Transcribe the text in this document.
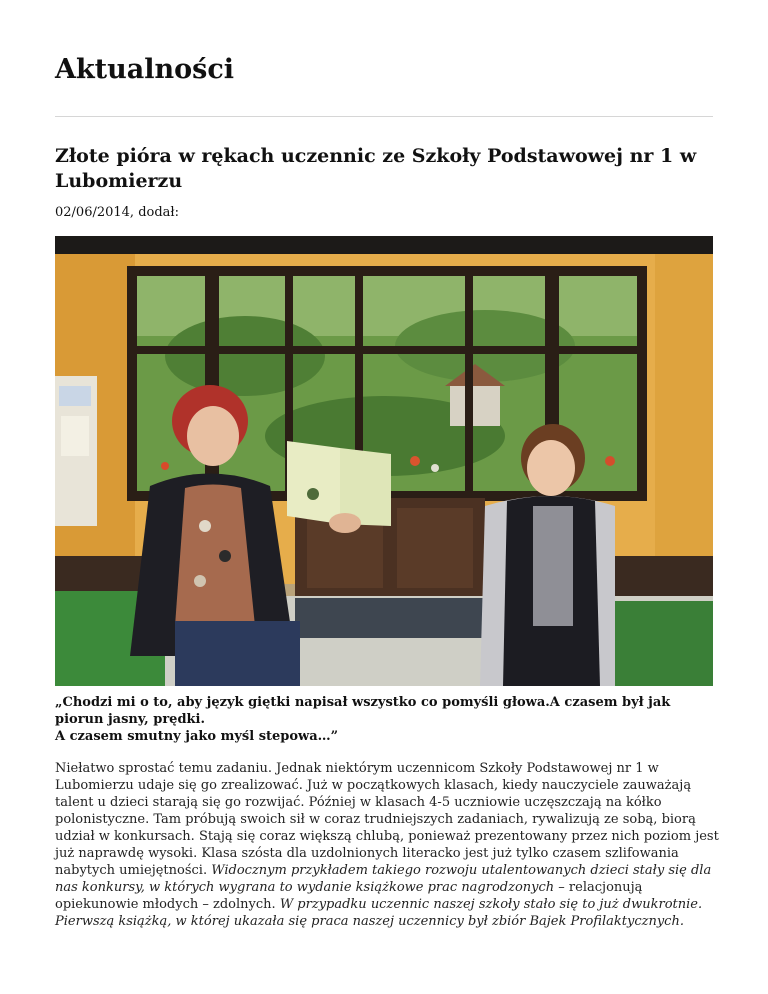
Aktualności
Złote pióra w rękach uczennic ze Szkoły Podstawowej nr 1 w Lubomierzu
02/06/2014, dodał:
„Chodzi mi o to, aby język giętki napisał wszystko co pomyśli głowa.A czasem był jak piorun jasny, prędki.
A czasem smutny jako myśl stepowa…”

Niełatwo sprostać temu zadaniu. Jednak niektórym uczennicom Szkoły Podstawowej nr 1 w Lubomierzu udaje się go zrealizować. Już w początkowych klasach, kiedy nauczyciele zauważają talent u dzieci starają się go rozwijać. Później w klasach 4-5 uczniowie uczęszczają na kółko polonistyczne. Tam próbują swoich sił w coraz trudniejszych zadaniach, rywalizują ze sobą, biorą udział w konkursach. Stają się coraz większą chlubą, ponieważ prezentowany przez nich poziom jest już naprawdę wysoki. Klasa szósta dla uzdolnionych literacko jest już tylko czasem szlifowania nabytych umiejętności. Widocznym przykładem takiego rozwoju utalentowanych dzieci stały się dla nas konkursy, w których wygrana to wydanie książkowe prac nagrodzonych – relacjonują opiekunowie młodych – zdolnych. W przypadku uczennic naszej szkoły stało się to już dwukrotnie. Pierwszą książką, w której ukazała się praca naszej uczennicy był zbiór Bajek Profilaktycznych.
